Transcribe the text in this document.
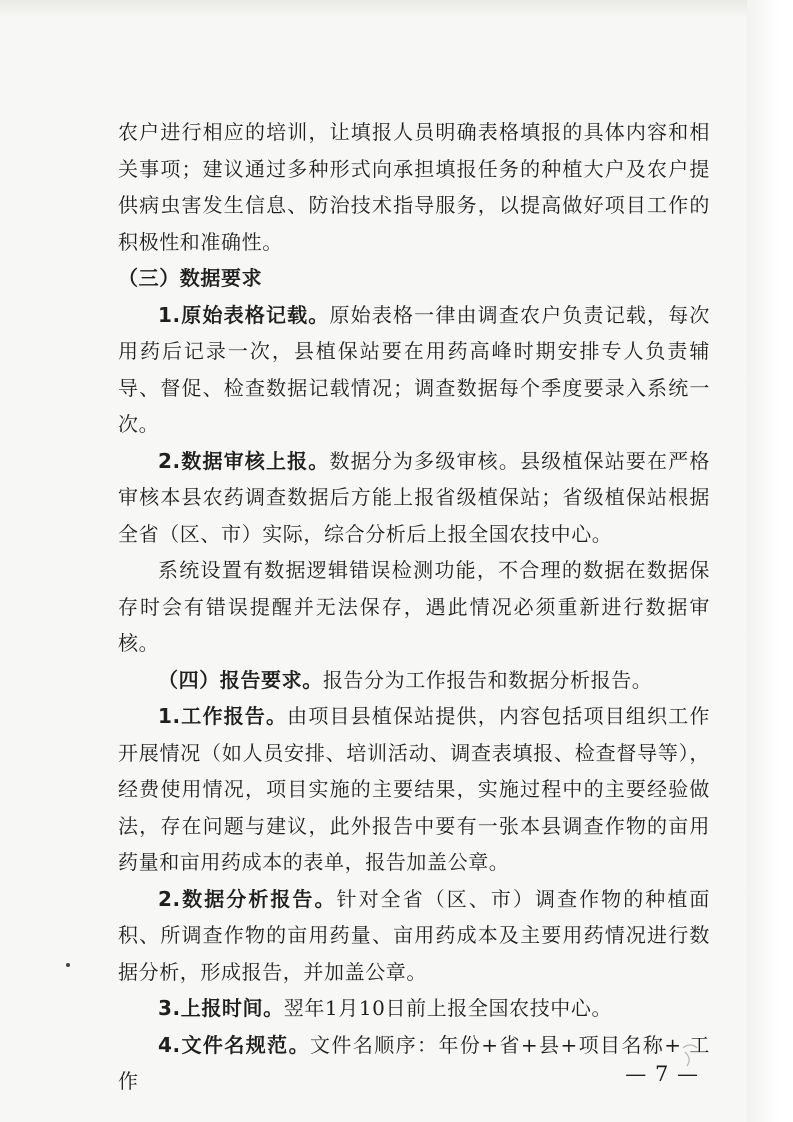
农户进行相应的培训，让填报人员明确表格填报的具体内容和相关事项；建议通过多种形式向承担填报任务的种植大户及农户提供病虫害发生信息、防治技术指导服务，以提高做好项目工作的积极性和准确性。

（三）数据要求

1.原始表格记载。原始表格一律由调查农户负责记载，每次用药后记录一次，县植保站要在用药高峰时期安排专人负责辅导、督促、检查数据记载情况；调查数据每个季度要录入系统一次。

2.数据审核上报。数据分为多级审核。县级植保站要在严格审核本县农药调查数据后方能上报省级植保站；省级植保站根据全省（区、市）实际，综合分析后上报全国农技中心。

系统设置有数据逻辑错误检测功能，不合理的数据在数据保存时会有错误提醒并无法保存，遇此情况必须重新进行数据审核。

（四）报告要求。报告分为工作报告和数据分析报告。

1.工作报告。由项目县植保站提供，内容包括项目组织工作开展情况（如人员安排、培训活动、调查表填报、检查督导等），经费使用情况，项目实施的主要结果，实施过程中的主要经验做法，存在问题与建议，此外报告中要有一张本县调查作物的亩用药量和亩用药成本的表单，报告加盖公章。

2.数据分析报告。针对全省（区、市）调查作物的种植面积、所调查作物的亩用药量、亩用药成本及主要用药情况进行数据分析，形成报告，并加盖公章。

3.上报时间。翌年1月10日前上报全国农技中心。

4.文件名规范。文件名顺序：年份+省+县+项目名称+ 工作	— 7 —
